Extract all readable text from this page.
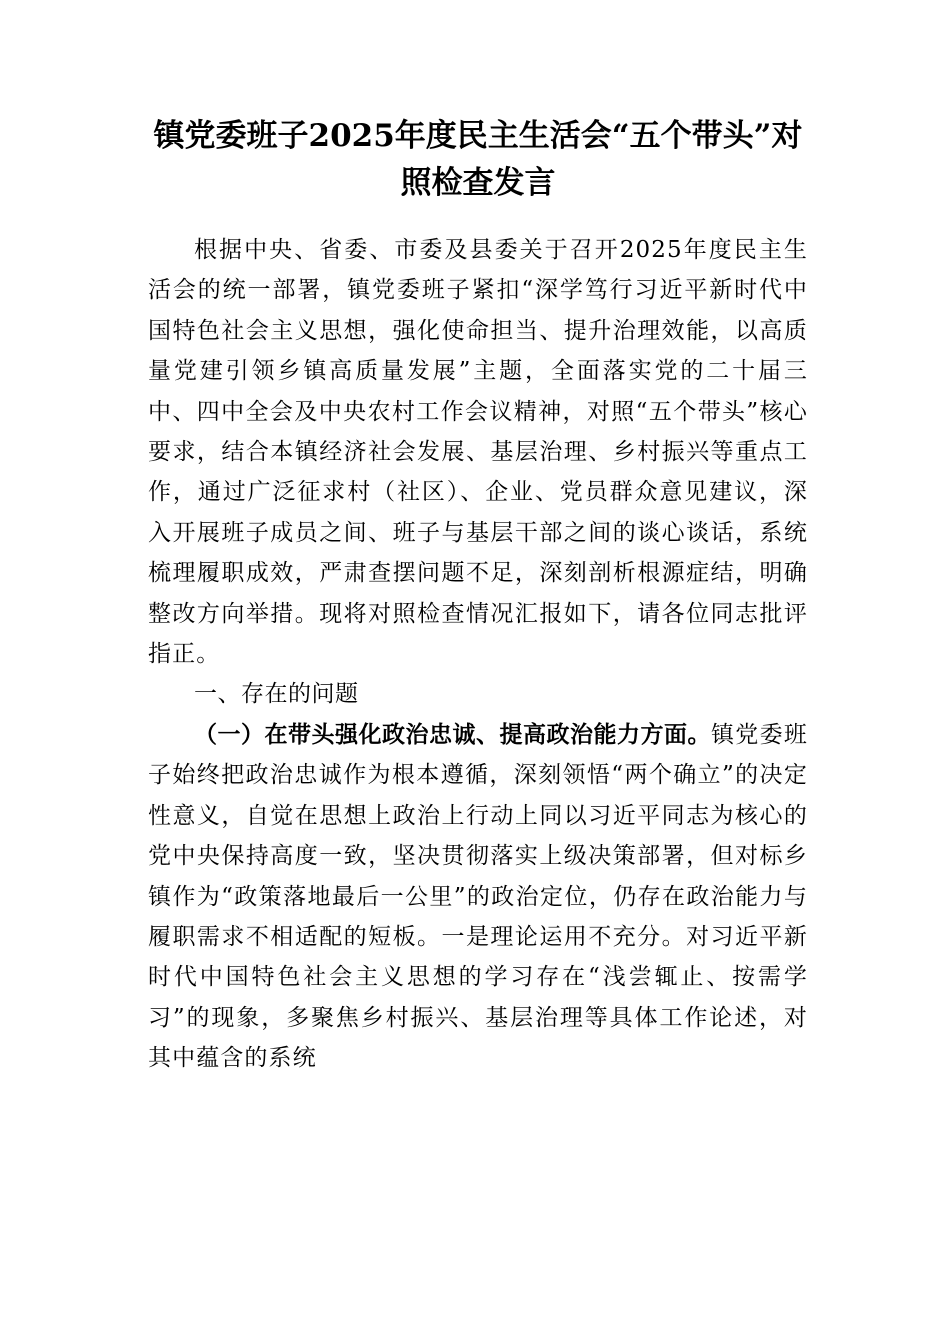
镇党委班子2025年度民主生活会“五个带头”对照检查发言

根据中央、省委、市委及县委关于召开2025年度民主生活会的统一部署，镇党委班子紧扣“深学笃行习近平新时代中国特色社会主义思想，强化使命担当、提升治理效能，以高质量党建引领乡镇高质量发展”主题，全面落实党的二十届三中、四中全会及中央农村工作会议精神，对照“五个带头”核心要求，结合本镇经济社会发展、基层治理、乡村振兴等重点工作，通过广泛征求村（社区）、企业、党员群众意见建议，深入开展班子成员之间、班子与基层干部之间的谈心谈话，系统梳理履职成效，严肃查摆问题不足，深刻剖析根源症结，明确整改方向举措。现将对照检查情况汇报如下，请各位同志批评指正。

一、存在的问题

（一）在带头强化政治忠诚、提高政治能力方面。镇党委班子始终把政治忠诚作为根本遵循，深刻领悟“两个确立”的决定性意义，自觉在思想上政治上行动上同以习近平同志为核心的党中央保持高度一致，坚决贯彻落实上级决策部署，但对标乡镇作为“政策落地最后一公里”的政治定位，仍存在政治能力与履职需求不相适配的短板。一是理论运用不充分。对习近平新时代中国特色社会主义思想的学习存在“浅尝辄止、按需学习”的现象，多聚焦乡村振兴、基层治理等具体工作论述，对其中蕴含的系统
